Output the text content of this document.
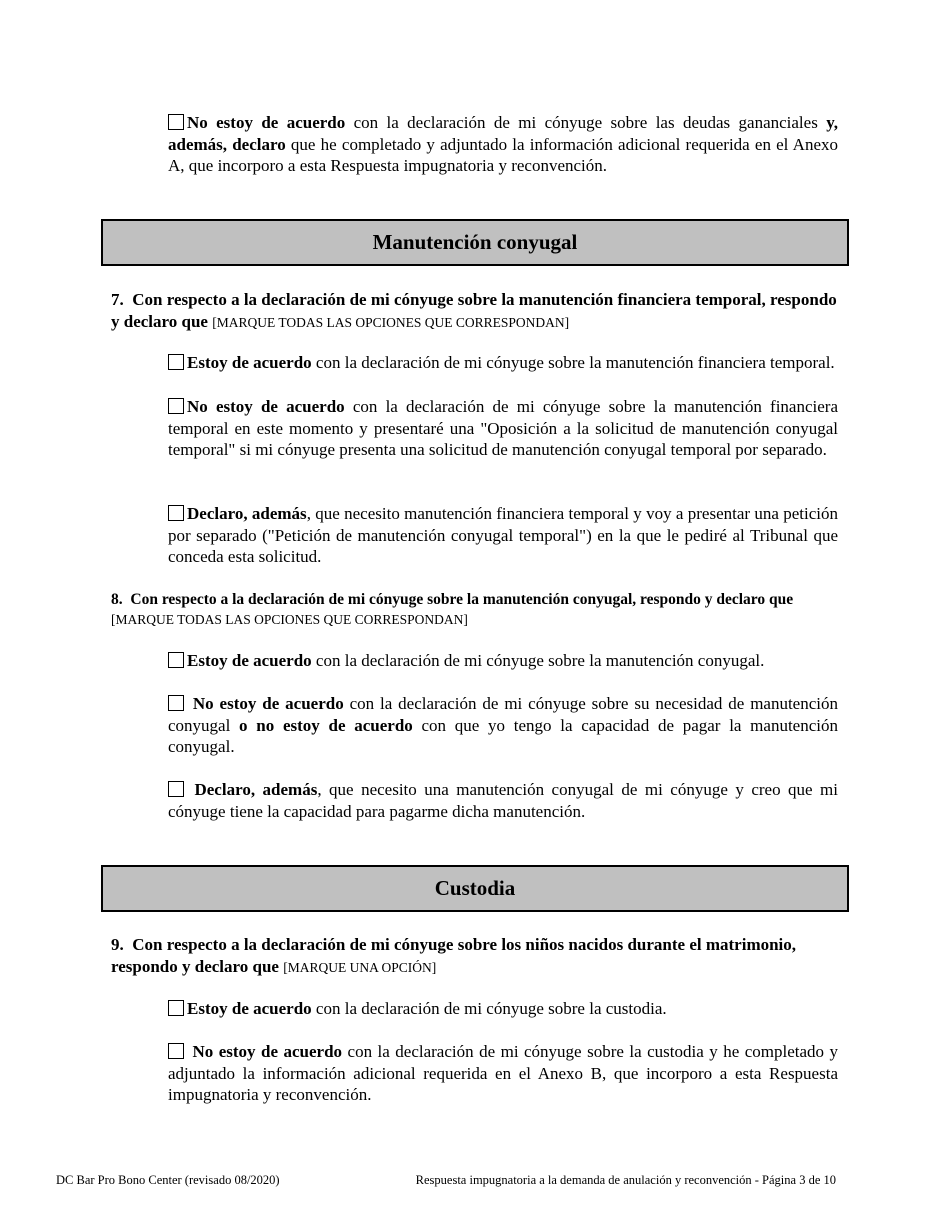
No estoy de acuerdo con la declaración de mi cónyuge sobre las deudas gananciales y, además, declaro que he completado y adjuntado la información adicional requerida en el Anexo A, que incorporo a esta Respuesta impugnatoria y reconvención.
Manutención conyugal
7. Con respecto a la declaración de mi cónyuge sobre la manutención financiera temporal, respondo y declaro que [MARQUE TODAS LAS OPCIONES QUE CORRESPONDAN]
Estoy de acuerdo con la declaración de mi cónyuge sobre la manutención financiera temporal.
No estoy de acuerdo con la declaración de mi cónyuge sobre la manutención financiera temporal en este momento y presentaré una "Oposición a la solicitud de manutención conyugal temporal" si mi cónyuge presenta una solicitud de manutención conyugal temporal por separado.
Declaro, además, que necesito manutención financiera temporal y voy a presentar una petición por separado ("Petición de manutención conyugal temporal") en la que le pediré al Tribunal que conceda esta solicitud.
8. Con respecto a la declaración de mi cónyuge sobre la manutención conyugal, respondo y declaro que [MARQUE TODAS LAS OPCIONES QUE CORRESPONDAN]
Estoy de acuerdo con la declaración de mi cónyuge sobre la manutención conyugal.
No estoy de acuerdo con la declaración de mi cónyuge sobre su necesidad de manutención conyugal o no estoy de acuerdo con que yo tengo la capacidad de pagar la manutención conyugal.
Declaro, además, que necesito una manutención conyugal de mi cónyuge y creo que mi cónyuge tiene la capacidad para pagarme dicha manutención.
Custodia
9. Con respecto a la declaración de mi cónyuge sobre los niños nacidos durante el matrimonio, respondo y declaro que [MARQUE UNA OPCIÓN]
Estoy de acuerdo con la declaración de mi cónyuge sobre la custodia.
No estoy de acuerdo con la declaración de mi cónyuge sobre la custodia y he completado y adjuntado la información adicional requerida en el Anexo B, que incorporo a esta Respuesta impugnatoria y reconvención.
DC Bar Pro Bono Center (revisado 08/2020)	Respuesta impugnatoria a la demanda de anulación y reconvención - Página 3 de 10
